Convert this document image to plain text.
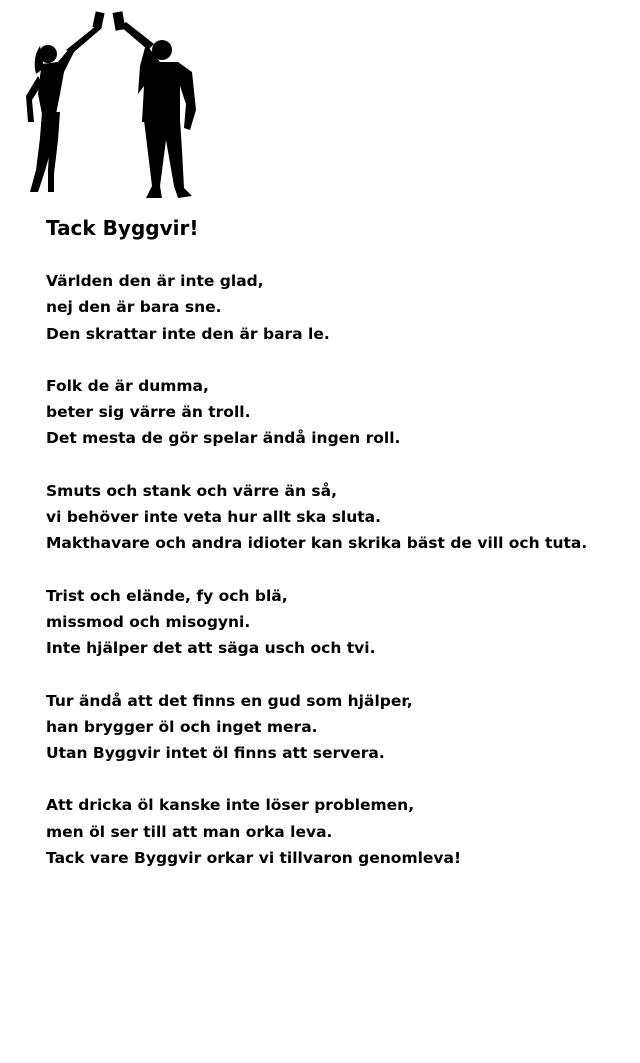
Tack Byggvir!
Världen den är inte glad,
nej den är bara sne.
Den skrattar inte den är bara le.
Folk de är dumma,
beter sig värre än troll.
Det mesta de gör spelar ändå ingen roll.
Smuts och stank och värre än så,
vi behöver inte veta hur allt ska sluta.
Makthavare och andra idioter kan skrika bäst de vill och tuta.
Trist och elände, fy och blä,
missmod och misogyni.
Inte hjälper det att säga usch och tvi.
Tur ändå att det finns en gud som hjälper,
han brygger öl och inget mera.
Utan Byggvir intet öl finns att servera.
Att dricka öl kanske inte löser problemen,
men öl ser till att man orka leva.
Tack vare Byggvir orkar vi tillvaron genomleva!
